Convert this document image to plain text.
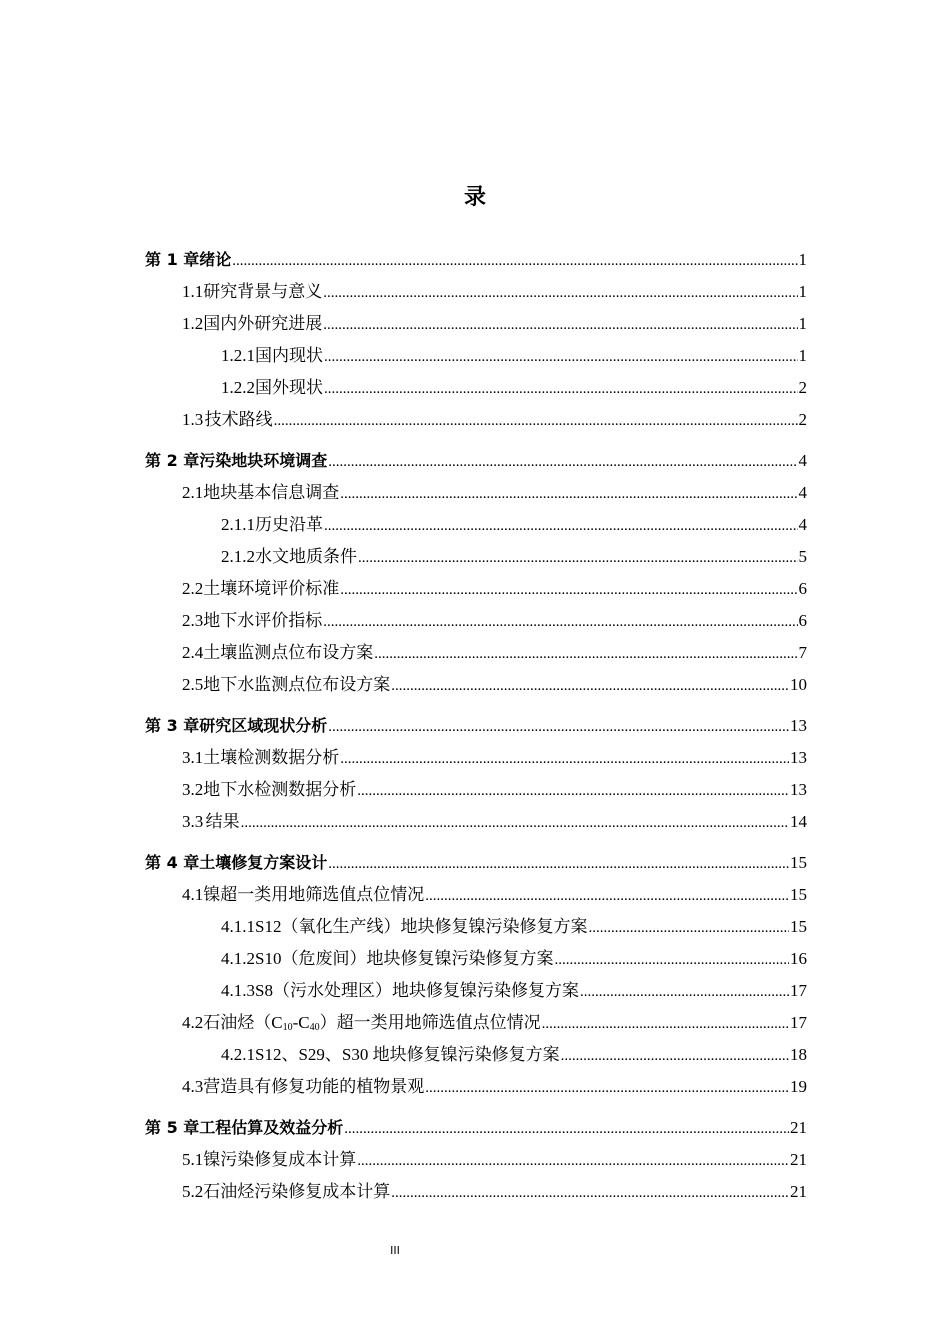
录
第 1 章 绪论 .....	1
1.1 研究背景与意义 .....	1
1.2 国内外研究进展 .....	1
1.2.1 国内现状 .....	1
1.2.2 国外现状 .....	2
1.3 技术路线 .....	2
第 2 章 污染地块环境调查 .....	4
2.1 地块基本信息调查 .....	4
2.1.1 历史沿革 .....	4
2.1.2 水文地质条件 .....	5
2.2 土壤环境评价标准 .....	6
2.3 地下水评价指标 .....	6
2.4 土壤监测点位布设方案 .....	7
2.5 地下水监测点位布设方案 .....	10
第 3 章 研究区域现状分析 .....	13
3.1 土壤检测数据分析 .....	13
3.2 地下水检测数据分析 .....	13
3.3 结果 .....	14
第 4 章 土壤修复方案设计 .....	15
4.1 镍超一类用地筛选值点位情况 .....	15
4.1.1 S12（氧化生产线）地块修复镍污染修复方案 .....	15
4.1.2 S10（危废间）地块修复镍污染修复方案 .....	16
4.1.3 S8（污水处理区）地块修复镍污染修复方案 .....	17
4.2 石油烃$(C_{10}-C_{40})$超一类用地筛选值点位情况 .....	17
4.2.1 S12、S29、S30 地块修复镍污染修复方案 .....	18
4.3 营造具有修复功能的植物景观 .....	19
第 5 章 工程估算及效益分析 .....	21
5.1 镍污染修复成本计算 .....	21
5.2 石油烃污染修复成本计算 .....	21
III
